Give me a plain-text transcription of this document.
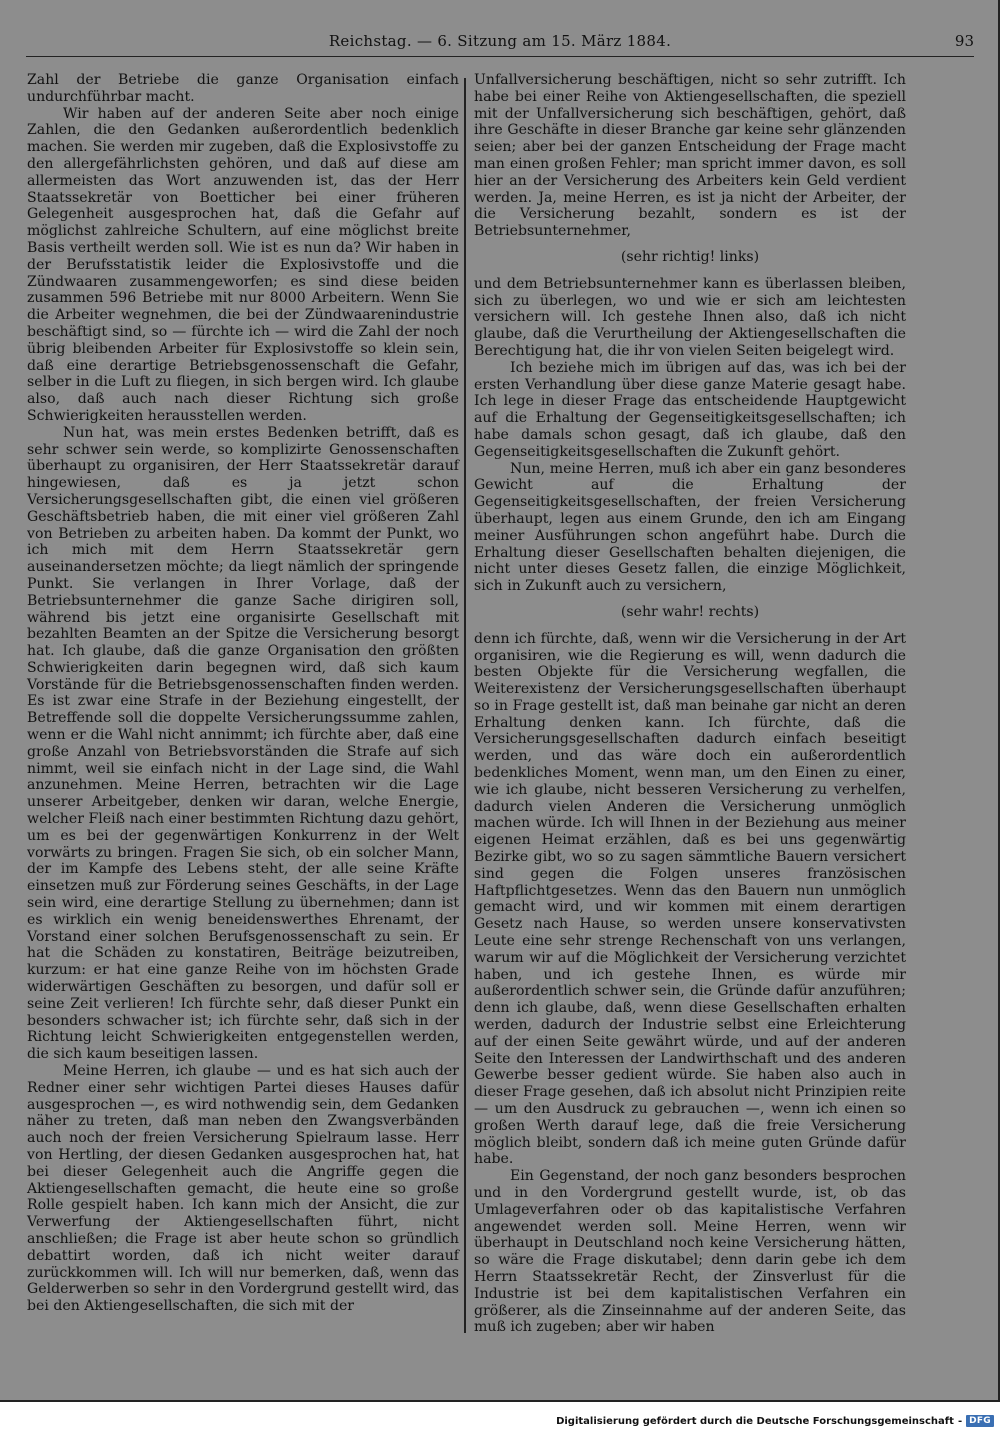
Reichstag. — 6. Sitzung am 15. März 1884.	93

Zahl der Betriebe die ganze Organisation einfach undurchführbar macht.

Wir haben auf der anderen Seite aber noch einige Zahlen, die den Gedanken außerordentlich bedenklich machen. Sie werden mir zugeben, daß die Explosivstoffe zu den allergefährlichsten gehören, und daß auf diese am allermeisten das Wort anzuwenden ist, das der Herr Staatssekretär von Boetticher bei einer früheren Gelegenheit ausgesprochen hat, daß die Gefahr auf möglichst zahlreiche Schultern, auf eine möglichst breite Basis vertheilt werden soll. Wie ist es nun da? Wir haben in der Berufsstatistik leider die Explosivstoffe und die Zündwaaren zusammengeworfen; es sind diese beiden zusammen 596 Betriebe mit nur 8000 Arbeitern. Wenn Sie die Arbeiter wegnehmen, die bei der Zündwaarenindustrie beschäftigt sind, so — fürchte ich — wird die Zahl der noch übrig bleibenden Arbeiter für Explosivstoffe so klein sein, daß eine derartige Betriebsgenossenschaft die Gefahr, selber in die Luft zu fliegen, in sich bergen wird. Ich glaube also, daß auch nach dieser Richtung sich große Schwierigkeiten herausstellen werden.

Nun hat, was mein erstes Bedenken betrifft, daß es sehr schwer sein werde, so komplizirte Genossenschaften überhaupt zu organisiren, der Herr Staatssekretär darauf hingewiesen, daß es ja jetzt schon Versicherungsgesellschaften gibt, die einen viel größeren Geschäftsbetrieb haben, die mit einer viel größeren Zahl von Betrieben zu arbeiten haben. Da kommt der Punkt, wo ich mich mit dem Herrn Staatssekretär gern auseinandersetzen möchte; da liegt nämlich der springende Punkt. Sie verlangen in Ihrer Vorlage, daß der Betriebsunternehmer die ganze Sache dirigiren soll, während bis jetzt eine organisirte Gesellschaft mit bezahlten Beamten an der Spitze die Versicherung besorgt hat. Ich glaube, daß die ganze Organisation den größten Schwierigkeiten darin begegnen wird, daß sich kaum Vorstände für die Betriebsgenossenschaften finden werden. Es ist zwar eine Strafe in der Beziehung eingestellt, der Betreffende soll die doppelte Versicherungssumme zahlen, wenn er die Wahl nicht annimmt; ich fürchte aber, daß eine große Anzahl von Betriebsvorständen die Strafe auf sich nimmt, weil sie einfach nicht in der Lage sind, die Wahl anzunehmen. Meine Herren, betrachten wir die Lage unserer Arbeitgeber, denken wir daran, welche Energie, welcher Fleiß nach einer bestimmten Richtung dazu gehört, um es bei der gegenwärtigen Konkurrenz in der Welt vorwärts zu bringen. Fragen Sie sich, ob ein solcher Mann, der im Kampfe des Lebens steht, der alle seine Kräfte einsetzen muß zur Förderung seines Geschäfts, in der Lage sein wird, eine derartige Stellung zu übernehmen; dann ist es wirklich ein wenig beneidenswerthes Ehrenamt, der Vorstand einer solchen Berufsgenossenschaft zu sein. Er hat die Schäden zu konstatiren, Beiträge beizutreiben, kurzum: er hat eine ganze Reihe von im höchsten Grade widerwärtigen Geschäften zu besorgen, und dafür soll er seine Zeit verlieren! Ich fürchte sehr, daß dieser Punkt ein besonders schwacher ist; ich fürchte sehr, daß sich in der Richtung leicht Schwierigkeiten entgegenstellen werden, die sich kaum beseitigen lassen.

Meine Herren, ich glaube — und es hat sich auch der Redner einer sehr wichtigen Partei dieses Hauses dafür ausgesprochen —, es wird nothwendig sein, dem Gedanken näher zu treten, daß man neben den Zwangsverbänden auch noch der freien Versicherung Spielraum lasse. Herr von Hertling, der diesen Gedanken ausgesprochen hat, hat bei dieser Gelegenheit auch die Angriffe gegen die Aktiengesellschaften gemacht, die heute eine so große Rolle gespielt haben. Ich kann mich der Ansicht, die zur Verwerfung der Aktiengesellschaften führt, nicht anschließen; die Frage ist aber heute schon so gründlich debattirt worden, daß ich nicht weiter darauf zurückkommen will. Ich will nur bemerken, daß, wenn das Gelderwerben so sehr in den Vordergrund gestellt wird, das bei den Aktiengesellschaften, die sich mit der

Unfallversicherung beschäftigen, nicht so sehr zutrifft. Ich habe bei einer Reihe von Aktiengesellschaften, die speziell mit der Unfallversicherung sich beschäftigen, gehört, daß ihre Geschäfte in dieser Branche gar keine sehr glänzenden seien; aber bei der ganzen Entscheidung der Frage macht man einen großen Fehler; man spricht immer davon, es soll hier an der Versicherung des Arbeiters kein Geld verdient werden. Ja, meine Herren, es ist ja nicht der Arbeiter, der die Versicherung bezahlt, sondern es ist der Betriebsunternehmer,

(sehr richtig! links)

und dem Betriebsunternehmer kann es überlassen bleiben, sich zu überlegen, wo und wie er sich am leichtesten versichern will. Ich gestehe Ihnen also, daß ich nicht glaube, daß die Verurtheilung der Aktiengesellschaften die Berechtigung hat, die ihr von vielen Seiten beigelegt wird.

Ich beziehe mich im übrigen auf das, was ich bei der ersten Verhandlung über diese ganze Materie gesagt habe. Ich lege in dieser Frage das entscheidende Hauptgewicht auf die Erhaltung der Gegenseitigkeitsgesellschaften; ich habe damals schon gesagt, daß ich glaube, daß den Gegenseitigkeitsgesellschaften die Zukunft gehört.

Nun, meine Herren, muß ich aber ein ganz besonderes Gewicht auf die Erhaltung der Gegenseitigkeitsgesellschaften, der freien Versicherung überhaupt, legen aus einem Grunde, den ich am Eingang meiner Ausführungen schon angeführt habe. Durch die Erhaltung dieser Gesellschaften behalten diejenigen, die nicht unter dieses Gesetz fallen, die einzige Möglichkeit, sich in Zukunft auch zu versichern,

(sehr wahr! rechts)

denn ich fürchte, daß, wenn wir die Versicherung in der Art organisiren, wie die Regierung es will, wenn dadurch die besten Objekte für die Versicherung wegfallen, die Weiterexistenz der Versicherungsgesellschaften überhaupt so in Frage gestellt ist, daß man beinahe gar nicht an deren Erhaltung denken kann. Ich fürchte, daß die Versicherungsgesellschaften dadurch einfach beseitigt werden, und das wäre doch ein außerordentlich bedenkliches Moment, wenn man, um den Einen zu einer, wie ich glaube, nicht besseren Versicherung zu verhelfen, dadurch vielen Anderen die Versicherung unmöglich machen würde. Ich will Ihnen in der Beziehung aus meiner eigenen Heimat erzählen, daß es bei uns gegenwärtig Bezirke gibt, wo so zu sagen sämmtliche Bauern versichert sind gegen die Folgen unseres französischen Haftpflichtgesetzes. Wenn das den Bauern nun unmöglich gemacht wird, und wir kommen mit einem derartigen Gesetz nach Hause, so werden unsere konservativsten Leute eine sehr strenge Rechenschaft von uns verlangen, warum wir auf die Möglichkeit der Versicherung verzichtet haben, und ich gestehe Ihnen, es würde mir außerordentlich schwer sein, die Gründe dafür anzuführen; denn ich glaube, daß, wenn diese Gesellschaften erhalten werden, dadurch der Industrie selbst eine Erleichterung auf der einen Seite gewährt würde, und auf der anderen Seite den Interessen der Landwirthschaft und des anderen Gewerbe besser gedient würde. Sie haben also auch in dieser Frage gesehen, daß ich absolut nicht Prinzipien reite — um den Ausdruck zu gebrauchen —, wenn ich einen so großen Werth darauf lege, daß die freie Versicherung möglich bleibt, sondern daß ich meine guten Gründe dafür habe.

Ein Gegenstand, der noch ganz besonders besprochen und in den Vordergrund gestellt wurde, ist, ob das Umlageverfahren oder ob das kapitalistische Verfahren angewendet werden soll. Meine Herren, wenn wir überhaupt in Deutschland noch keine Versicherung hätten, so wäre die Frage diskutabel; denn darin gebe ich dem Herrn Staatssekretär Recht, der Zinsverlust für die Industrie ist bei dem kapitalistischen Verfahren ein größerer, als die Zinseinnahme auf der anderen Seite, das muß ich zugeben; aber wir haben

Digitalisierung gefördert durch die Deutsche Forschungsgemeinschaft - DFG
